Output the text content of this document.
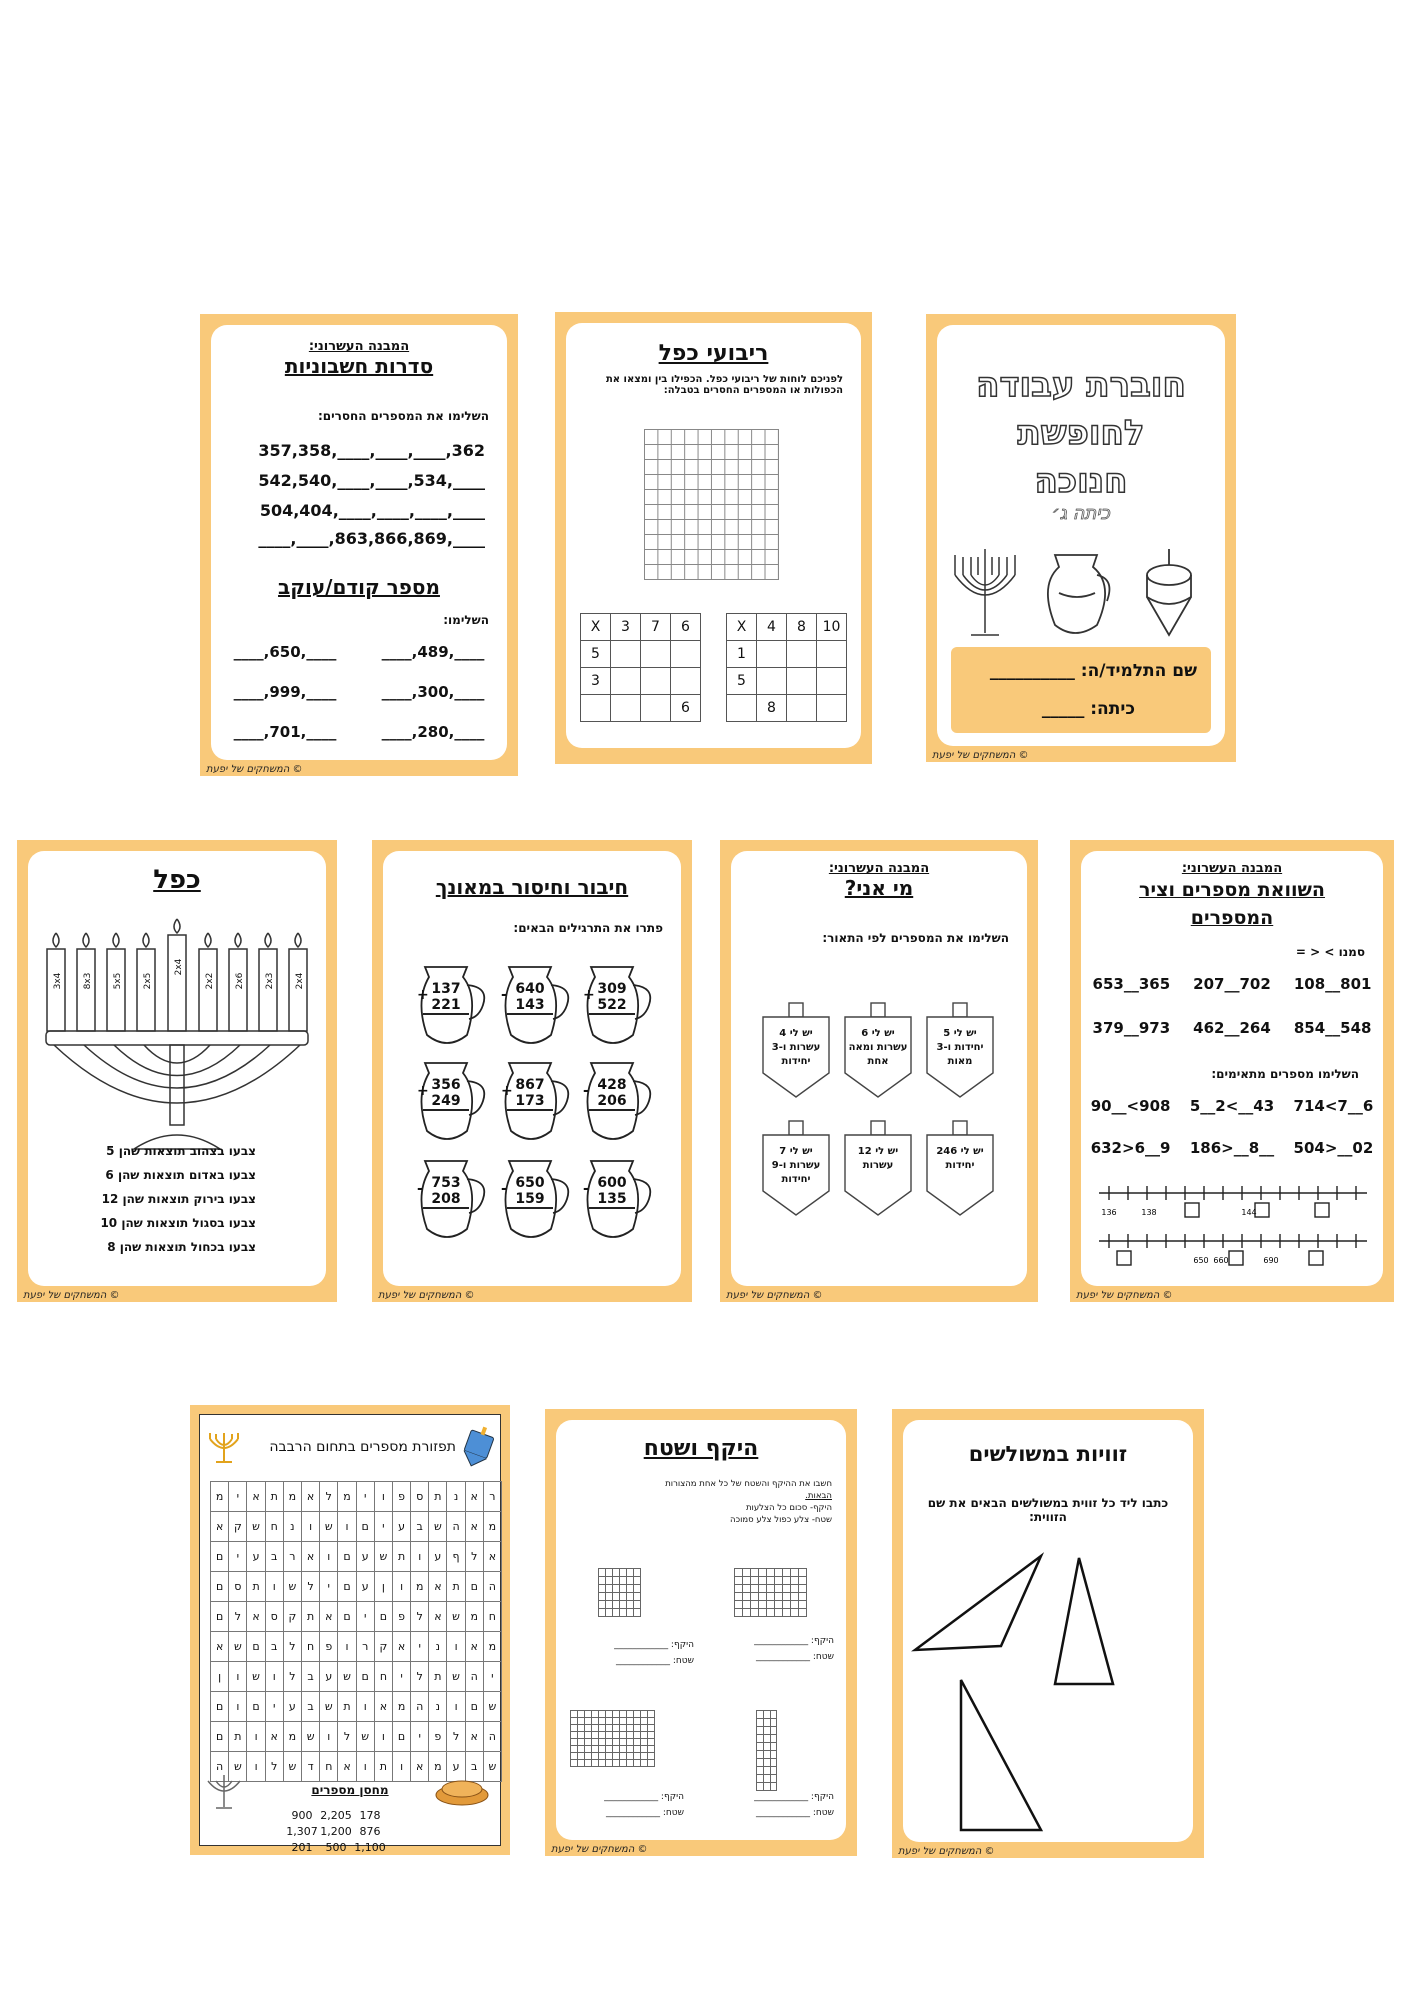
המבנה העשרוני:
סדרות חשבוניות
השלימו את המספרים החסרים:
357,358,____,____,____,362
542,540,____,____,534,____
504,404,____,____,____,____
____,____,863,866,869,____
מספר קודם/עוקב
השלימו:
____,650,____	____,489,____
____,999,____	____,300,____
____,701,____	____,280,____
© המשחקים של יפעת
ריבועי כפל
לפניכם לוחות של ריבועי כפל. הכפילו בין ומצאו את הכפולות או המספרים החסרים בטבלה:
X	3	7	6
5			
3			
			6
X	4	8	10
1			
5			
	8		
חוברת עבודה
לחופשת
חנוכה
כיתה ג׳
שם התלמיד/ה: __________
כיתה: _____
© המשחקים של יפעת
כפל
3x4 8x3 5x5 2x5
2x4
2x2 2x6 2x3 2x4
צבעו בצהוב תוצאות שהן 5
צבעו באדום תוצאות שהן 6
צבעו בירוק תוצאות שהן 12
צבעו בסגול תוצאות שהן 10
צבעו בכחול תוצאות שהן 8
© המשחקים של יפעת
חיבור וחיסור במאונך
פתרו את התרגילים הבאים:
+ 309
522
- 640
143
+ 137
221
- 428
206
+ 867
173
+ 356
249
- 600
135
- 650
159
- 753
208
© המשחקים של יפעת
המבנה העשרוני:
מי אני?
השלימו את המספרים לפי התאור:
יש לי 5 יחידות ו-3 מאות
יש לי 6 עשרות ומאה אחת
יש לי 4 עשרות ו-3 יחידות
יש לי 246 יחידות
יש לי 12 עשרות
יש לי 7 עשרות ו-9 יחידות
© המשחקים של יפעת
המבנה העשרוני:
השוואת מספרים וציר המספרים
סמנו > < =
653__365 207__702 108__801
379__973 462__264 854__548
השלימו מספרים מתאימים:
90__<908 5__2<__43 714<7__6
632>6__9 186>__8__ 504>__02
136	138	144
650 660	690
© המשחקים של יפעת
תפזורת מספרים בתחום הרבבה
ר	א	נ	ת	ס	פ	ו	י	מ	ל	א	מ	ת	א	י	מ
מ	א	ה	ש	ב	ע	י	ם	ו	ש	ו	נ	ח	ש	ק	א
א	ל	ף	ע	ו	ת	ש	ע	ם	ו	א	ר	ב	ע	י	ם
ה	ם	ת	א	מ	ו	ן	ע	ם	י	ל	ש	ו	ת	ס	ם
ח	מ	ש	א	ל	פ	ם	י	ם	א	ת	ק	ס	א	ל	ם
מ	א	ו	נ	י	א	ק	ר	ו	פ	ח	ל	ב	ם	ש	א
י	ה	ש	ת	ל	י	ח	ם	ש	ע	ב	ל	ו	ש	ו	ן
ש	ם	ו	נ	ה	מ	א	ו	ת	ש	ב	ע	י	ם	ו	ם
ה	א	ל	פ	י	ם	ו	ש	ל	ו	ש	מ	א	ו	ת	ם
ש	ב	ע	מ	א	ו	ת	ו	א	ח	ד	ש	ל	ו	ש	ה
מחסן מספרים
900 2,205 178
1,307 1,200 876
201	500 1,100
היקף ושטח
חשבו את ההיקף והשטח של כל אחת מהצורות
הבאות.
היקף- סכום כל הצלעות
שטח- צלע כפול צלע סמוכה
היקף: ____________
שטח: ____________
היקף: ____________
שטח: ____________
היקף: ____________
שטח: ____________
היקף: ____________
שטח: ____________
© המשחקים של יפעת
זוויות במשולשים
כתבו ליד כל זווית במשולשים הבאים את שם הזווית:
© המשחקים של יפעת
